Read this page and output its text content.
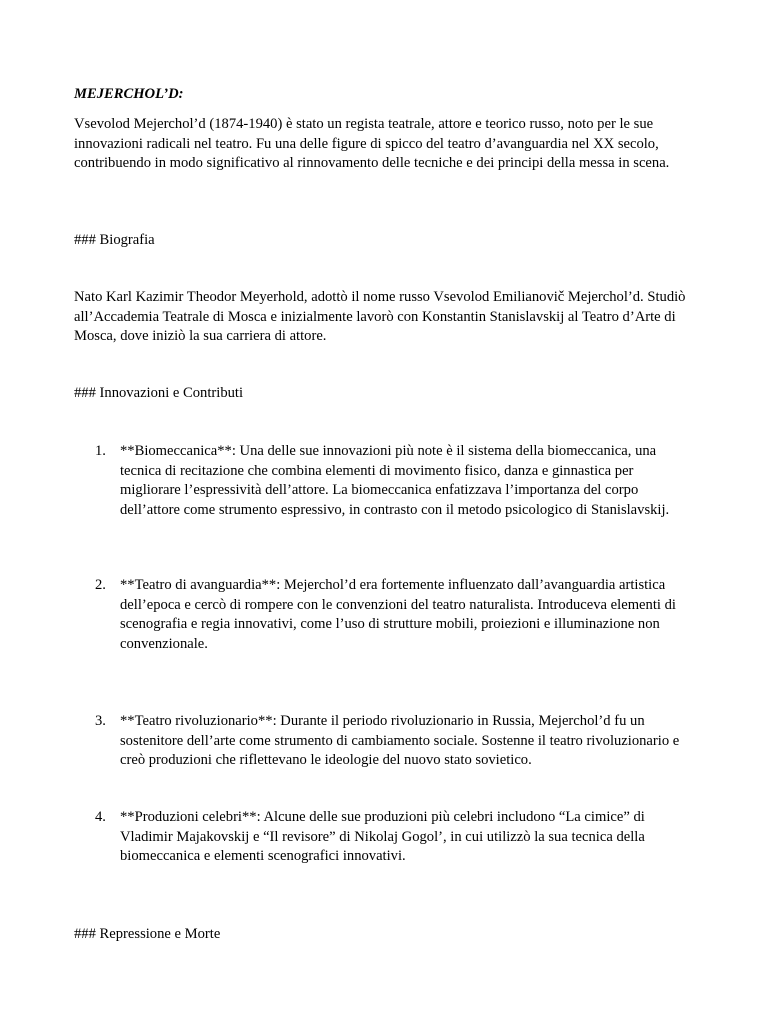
MEJERCHOL’D:

Vsevolod Mejerchol’d (1874-1940) è stato un regista teatrale, attore e teorico russo, noto per le sue innovazioni radicali nel teatro. Fu una delle figure di spicco del teatro d’avanguardia nel XX secolo, contribuendo in modo significativo al rinnovamento delle tecniche e dei principi della messa in scena.

### Biografia

Nato Karl Kazimir Theodor Meyerhold, adottò il nome russo Vsevolod Emilianovič Mejerchol’d. Studiò all’Accademia Teatrale di Mosca e inizialmente lavorò con Konstantin Stanislavskij al Teatro d’Arte di Mosca, dove iniziò la sua carriera di attore.

### Innovazioni e Contributi

1. **Biomeccanica**: Una delle sue innovazioni più note è il sistema della biomeccanica, una tecnica di recitazione che combina elementi di movimento fisico, danza e ginnastica per migliorare l’espressività dell’attore. La biomeccanica enfatizzava l’importanza del corpo dell’attore come strumento espressivo, in contrasto con il metodo psicologico di Stanislavskij.
2. **Teatro di avanguardia**: Mejerchol’d era fortemente influenzato dall’avanguardia artistica dell’epoca e cercò di rompere con le convenzioni del teatro naturalista. Introduceva elementi di scenografia e regia innovativi, come l’uso di strutture mobili, proiezioni e illuminazione non convenzionale.
3. **Teatro rivoluzionario**: Durante il periodo rivoluzionario in Russia, Mejerchol’d fu un sostenitore dell’arte come strumento di cambiamento sociale. Sostenne il teatro rivoluzionario e creò produzioni che riflettevano le ideologie del nuovo stato sovietico.
4. **Produzioni celebri**: Alcune delle sue produzioni più celebri includono “La cimice” di Vladimir Majakovskij e “Il revisore” di Nikolaj Gogol’, in cui utilizzò la sua tecnica della biomeccanica e elementi scenografici innovativi.

### Repressione e Morte
